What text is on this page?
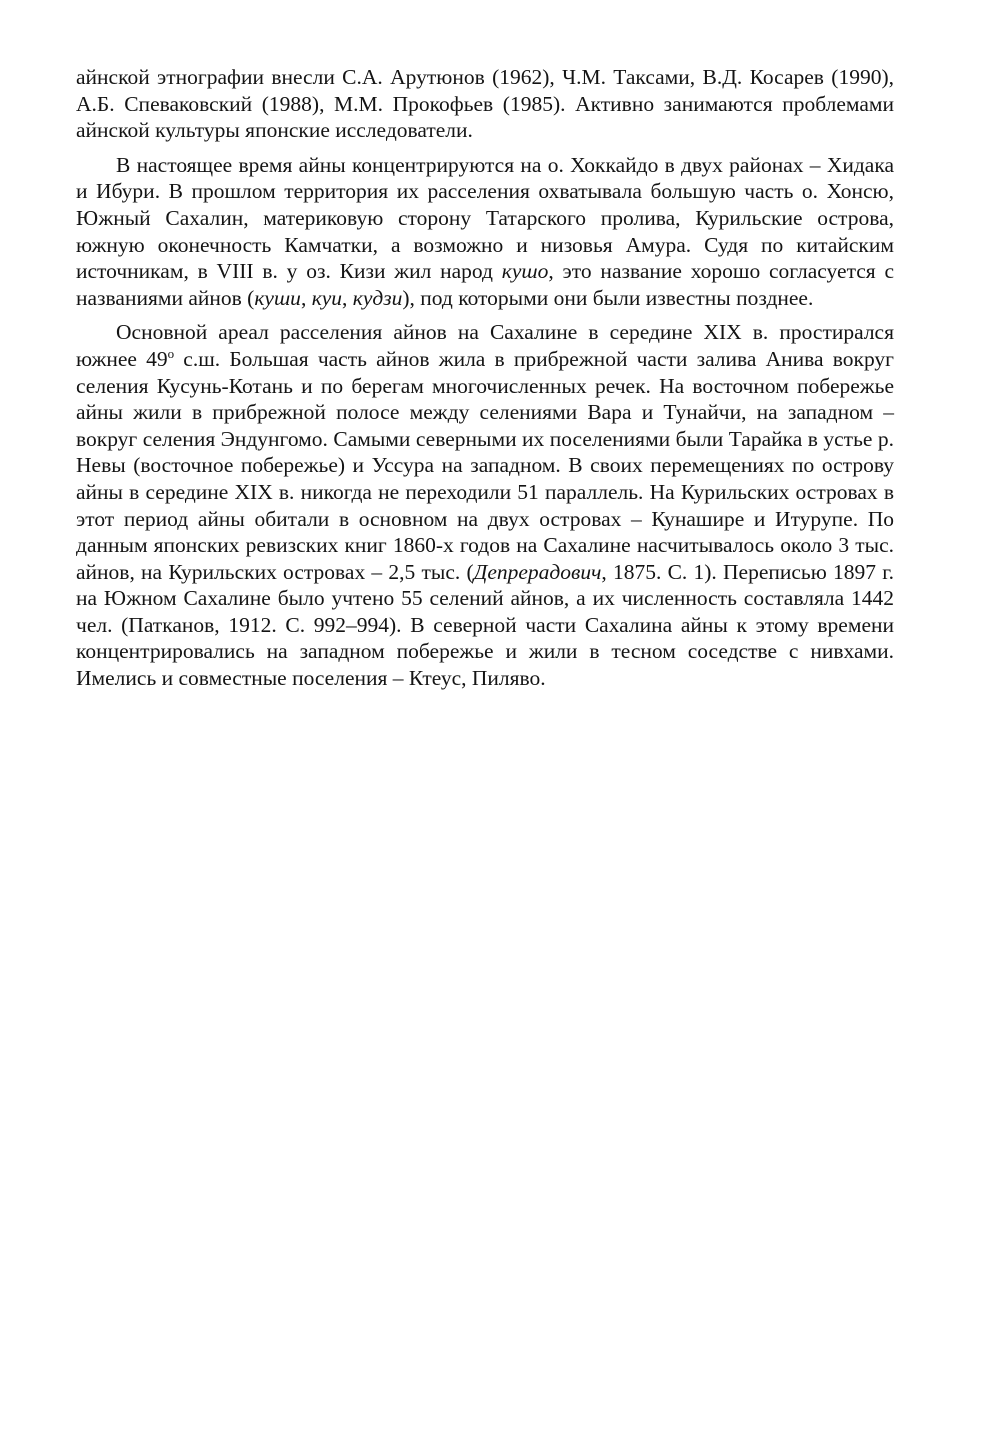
айнской этнографии внесли С.А. Арутюнов (1962), Ч.М. Таксами, В.Д. Косарев (1990), А.Б. Спеваковский (1988), М.М. Прокофьев (1985). Активно занимаются проблемами айнской культуры японские исследователи.

В настоящее время айны концентрируются на о. Хоккайдо в двух районах – Хидака и Ибури. В прошлом территория их расселения охватывала большую часть о. Хонсю, Южный Сахалин, материковую сторону Татарского пролива, Курильские острова, южную оконечность Камчатки, а возможно и низовья Амура. Судя по китайским источникам, в VIII в. у оз. Кизи жил народ кушо, это название хорошо согласуется с названиями айнов (куши, куи, кудзи), под которыми они были известны позднее.

Основной ареал расселения айнов на Сахалине в середине XIX в. простирался южнее $49^о$ с.ш. Большая часть айнов жила в прибрежной части залива Анива вокруг селения Кусунь-Котань и по берегам многочисленных речек. На восточном побережье айны жили в прибрежной полосе между селениями Вара и Тунайчи, на западном – вокруг селения Эндунгомо. Самыми северными их поселениями были Тарайка в устье р. Невы (восточное побережье) и Уссура на западном. В своих перемещениях по острову айны в середине XIX в. никогда не переходили 51 параллель. На Курильских островах в этот период айны обитали в основном на двух островах – Кунашире и Итурупе. По данным японских ревизских книг 1860-х годов на Сахалине насчитывалось около 3 тыс. айнов, на Курильских островах – 2,5 тыс. (Депрерадович, 1875. С. 1). Переписью 1897 г. на Южном Сахалине было учтено 55 селений айнов, а их численность составляла 1442 чел. (Патканов, 1912. С. 992–994). В северной части Сахалина айны к этому времени концентрировались на западном побережье и жили в тесном соседстве с нивхами. Имелись и совместные поселения – Ктеус, Пиляво.
